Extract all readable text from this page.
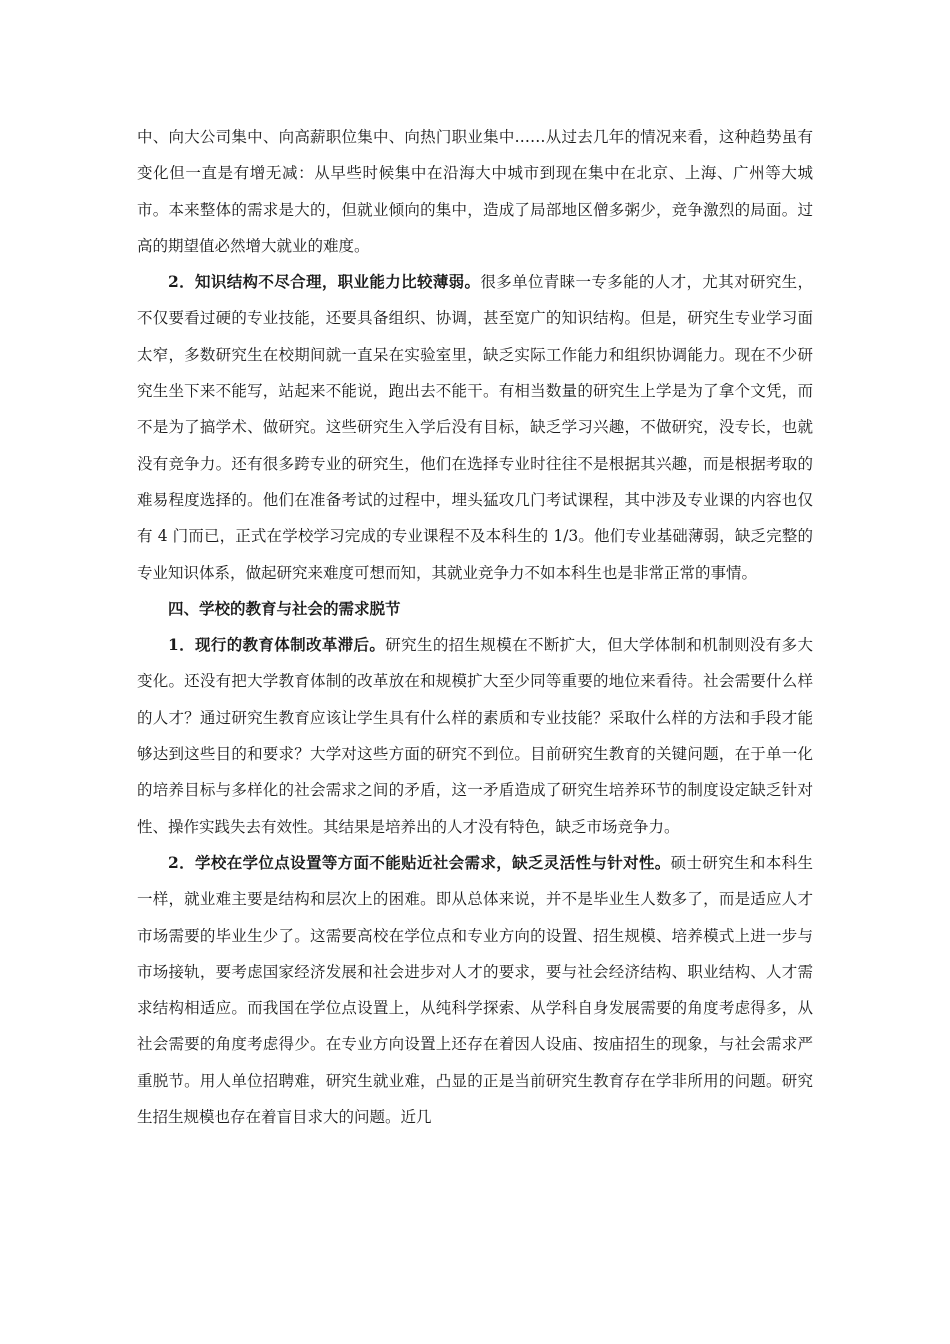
中、向大公司集中、向高薪职位集中、向热门职业集中……从过去几年的情况来看，这种趋势虽有变化但一直是有增无减：从早些时候集中在沿海大中城市到现在集中在北京、上海、广州等大城市。本来整体的需求是大的，但就业倾向的集中，造成了局部地区僧多粥少，竞争激烈的局面。过高的期望值必然增大就业的难度。

2．知识结构不尽合理，职业能力比较薄弱。很多单位青睐一专多能的人才，尤其对研究生，不仅要看过硬的专业技能，还要具备组织、协调，甚至宽广的知识结构。但是，研究生专业学习面太窄，多数研究生在校期间就一直呆在实验室里，缺乏实际工作能力和组织协调能力。现在不少研究生坐下来不能写，站起来不能说，跑出去不能干。有相当数量的研究生上学是为了拿个文凭，而不是为了搞学术、做研究。这些研究生入学后没有目标，缺乏学习兴趣，不做研究，没专长，也就没有竞争力。还有很多跨专业的研究生，他们在选择专业时往往不是根据其兴趣，而是根据考取的难易程度选择的。他们在准备考试的过程中，埋头猛攻几门考试课程，其中涉及专业课的内容也仅有 4 门而已，正式在学校学习完成的专业课程不及本科生的 1/3。他们专业基础薄弱，缺乏完整的专业知识体系，做起研究来难度可想而知，其就业竞争力不如本科生也是非常正常的事情。

四、学校的教育与社会的需求脱节

1．现行的教育体制改革滞后。研究生的招生规模在不断扩大，但大学体制和机制则没有多大变化。还没有把大学教育体制的改革放在和规模扩大至少同等重要的地位来看待。社会需要什么样的人才？通过研究生教育应该让学生具有什么样的素质和专业技能？采取什么样的方法和手段才能够达到这些目的和要求？大学对这些方面的研究不到位。目前研究生教育的关键问题，在于单一化的培养目标与多样化的社会需求之间的矛盾，这一矛盾造成了研究生培养环节的制度设定缺乏针对性、操作实践失去有效性。其结果是培养出的人才没有特色，缺乏市场竞争力。

2．学校在学位点设置等方面不能贴近社会需求，缺乏灵活性与针对性。硕士研究生和本科生一样，就业难主要是结构和层次上的困难。即从总体来说，并不是毕业生人数多了，而是适应人才市场需要的毕业生少了。这需要高校在学位点和专业方向的设置、招生规模、培养模式上进一步与市场接轨，要考虑国家经济发展和社会进步对人才的要求，要与社会经济结构、职业结构、人才需求结构相适应。而我国在学位点设置上，从纯科学探索、从学科自身发展需要的角度考虑得多，从社会需要的角度考虑得少。在专业方向设置上还存在着因人设庙、按庙招生的现象，与社会需求严重脱节。用人单位招聘难，研究生就业难，凸显的正是当前研究生教育存在学非所用的问题。研究生招生规模也存在着盲目求大的问题。近几
